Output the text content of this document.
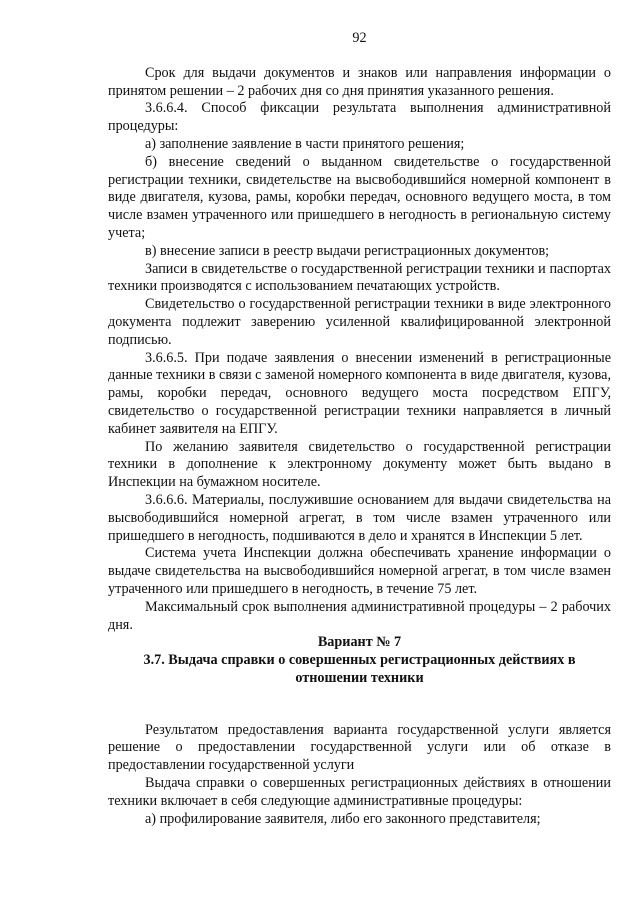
92

Срок для выдачи документов и знаков или направления информации о принятом решении – 2 рабочих дня со дня принятия указанного решения.

3.6.6.4. Способ фиксации результата выполнения административной процедуры:

а) заполнение заявление в части принятого решения;

б) внесение сведений о выданном свидетельстве о государственной регистрации техники, свидетельстве на высвободившийся номерной компонент в виде двигателя, кузова, рамы, коробки передач, основного ведущего моста, в том числе взамен утраченного или пришедшего в негодность в региональную систему учета;

в) внесение записи в реестр выдачи регистрационных документов;

Записи в свидетельстве о государственной регистрации техники и паспортах техники производятся с использованием печатающих устройств.

Свидетельство о государственной регистрации техники в виде электронного документа подлежит заверению усиленной квалифицированной электронной подписью.

3.6.6.5. При подаче заявления о внесении изменений в регистрационные данные техники в связи с заменой номерного компонента в виде двигателя, кузова, рамы, коробки передач, основного ведущего моста посредством ЕПГУ, свидетельство о государственной регистрации техники направляется в личный кабинет заявителя на ЕПГУ.

По желанию заявителя свидетельство о государственной регистрации техники в дополнение к электронному документу может быть выдано в Инспекции на бумажном носителе.

3.6.6.6. Материалы, послужившие основанием для выдачи свидетельства на высвободившийся номерной агрегат, в том числе взамен утраченного или пришедшего в негодность, подшиваются в дело и хранятся в Инспекции 5 лет.

Система учета Инспекции должна обеспечивать хранение информации о выдаче свидетельства на высвободившийся номерной агрегат, в том числе взамен утраченного или пришедшего в негодность, в течение 75 лет.

Максимальный срок выполнения административной процедуры – 2 рабочих дня.

Вариант № 7
3.7. Выдача справки о совершенных регистрационных действиях в отношении техники

Результатом предоставления варианта государственной услуги является решение о предоставлении государственной услуги или об отказе в предоставлении государственной услуги

Выдача справки о совершенных регистрационных действиях в отношении техники включает в себя следующие административные процедуры:

а) профилирование заявителя, либо его законного представителя;
